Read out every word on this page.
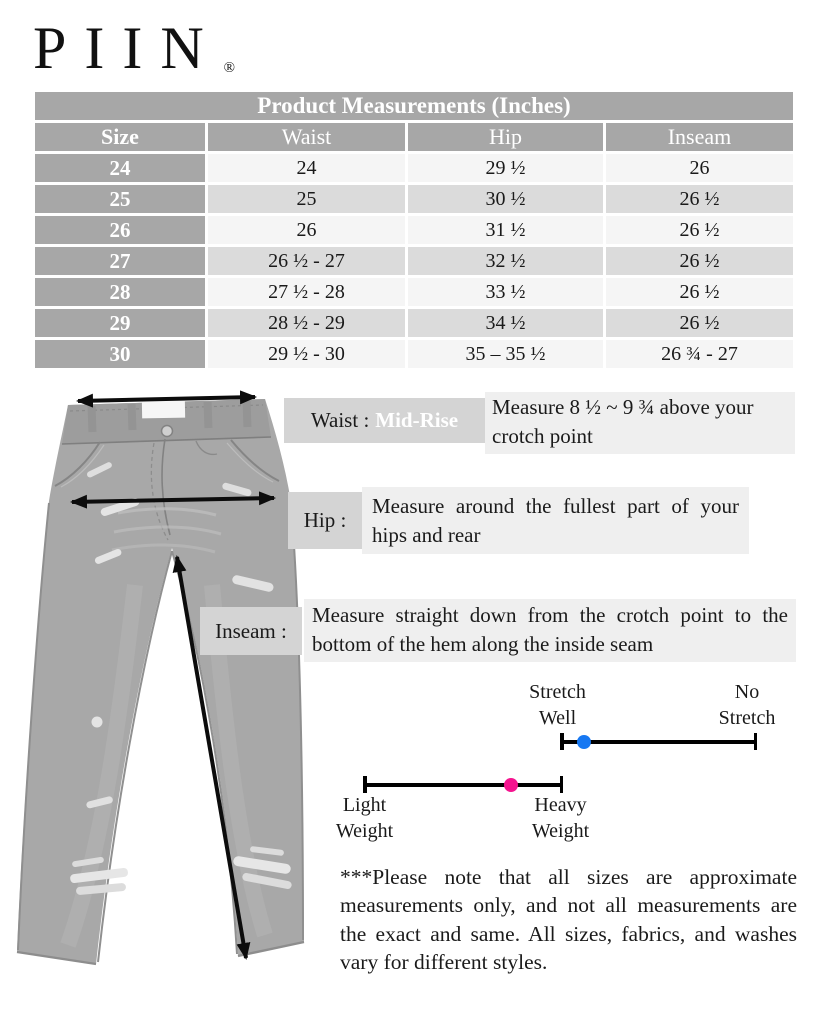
PIIN ®
Product Measurements (Inches)
Size	Waist	Hip	Inseam
24	24	29 ½	26
25	25	30 ½	26 ½
26	26	31 ½	26 ½
27	26 ½ - 27	32 ½	26 ½
28	27 ½ - 28	33 ½	26 ½
29	28 ½ - 29	34 ½	26 ½
30	29 ½ - 30	35 – 35 ½	26 ¾ - 27
Waist : Mid-Rise
Measure 8 ½ ~ 9 ¾ above your crotch point
Hip :
Measure around the fullest part of your hips and rear
Inseam :
Measure straight down from the crotch point to the bottom of the hem along the inside seam
Stretch
Well
No
Stretch
Light
Weight
Heavy
Weight
***Please note that all sizes are approximate measurements only, and not all measurements are the exact and same. All sizes, fabrics, and washes vary for different styles.
